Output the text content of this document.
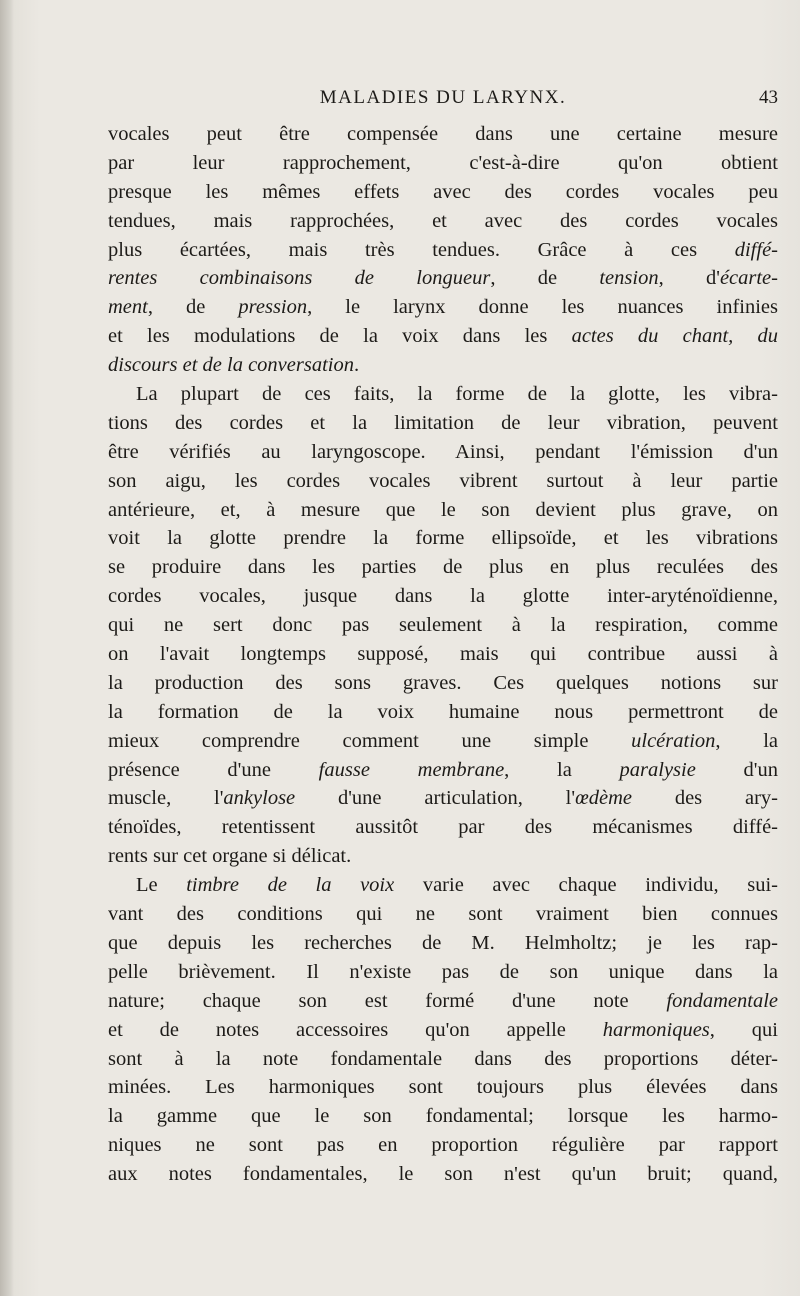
MALADIES DU LARYNX.	43
vocales peut être compensée dans une certaine mesure
par leur rapprochement, c'est-à-dire qu'on obtient
presque les mêmes effets avec des cordes vocales peu
tendues, mais rapprochées, et avec des cordes vocales
plus écartées, mais très tendues. Grâce à ces diffé-
rentes combinaisons de longueur, de tension, d'écarte-
ment, de pression, le larynx donne les nuances infinies
et les modulations de la voix dans les actes du chant, du
discours et de la conversation.
La plupart de ces faits, la forme de la glotte, les vibra-
tions des cordes et la limitation de leur vibration, peuvent
être vérifiés au laryngoscope. Ainsi, pendant l'émission d'un
son aigu, les cordes vocales vibrent surtout à leur partie
antérieure, et, à mesure que le son devient plus grave, on
voit la glotte prendre la forme ellipsoïde, et les vibrations
se produire dans les parties de plus en plus reculées des
cordes vocales, jusque dans la glotte inter-aryténoïdienne,
qui ne sert donc pas seulement à la respiration, comme
on l'avait longtemps supposé, mais qui contribue aussi à
la production des sons graves. Ces quelques notions sur
la formation de la voix humaine nous permettront de
mieux comprendre comment une simple ulcération, la
présence d'une fausse membrane, la paralysie d'un
muscle, l'ankylose d'une articulation, l'œdème des ary-
ténoïdes, retentissent aussitôt par des mécanismes diffé-
rents sur cet organe si délicat.
Le timbre de la voix varie avec chaque individu, sui-
vant des conditions qui ne sont vraiment bien connues
que depuis les recherches de M. Helmholtz; je les rap-
pelle brièvement. Il n'existe pas de son unique dans la
nature; chaque son est formé d'une note fondamentale
et de notes accessoires qu'on appelle harmoniques, qui
sont à la note fondamentale dans des proportions déter-
minées. Les harmoniques sont toujours plus élevées dans
la gamme que le son fondamental; lorsque les harmo-
niques ne sont pas en proportion régulière par rapport
aux notes fondamentales, le son n'est qu'un bruit; quand,
